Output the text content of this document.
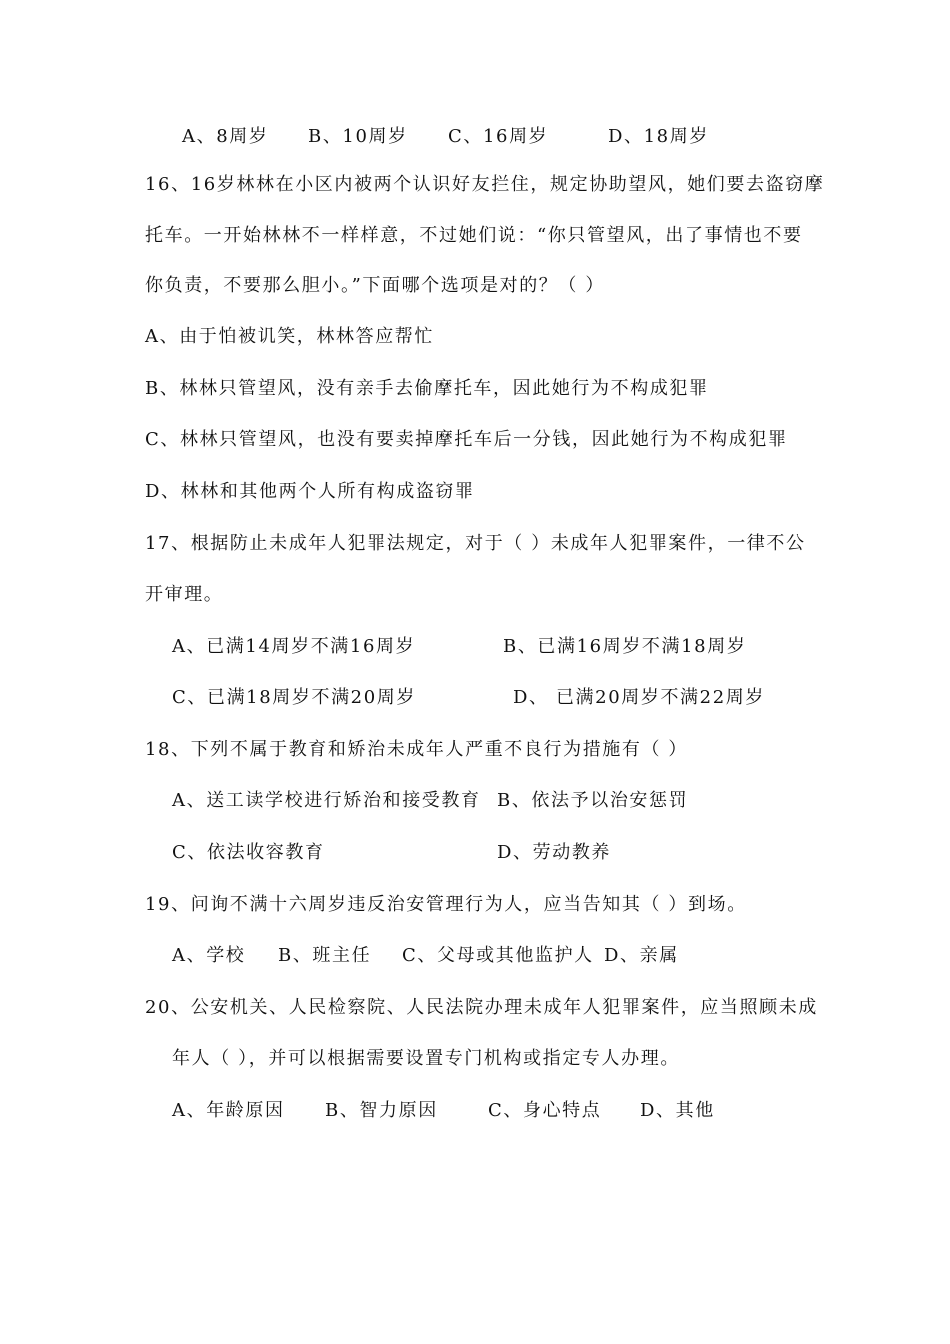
A、8周岁 B、10周岁 C、16周岁	D、18周岁
16、16岁林林在小区内被两个认识好友拦住，规定协助望风，她们要去盗窃摩
托车。一开始林林不一样样意，不过她们说：“你只管望风，出了事情也不要
你负责，不要那么胆小。”下面哪个选项是对的？（ ）
A、由于怕被讥笑，林林答应帮忙
B、林林只管望风，没有亲手去偷摩托车，因此她行为不构成犯罪
C、林林只管望风，也没有要卖掉摩托车后一分钱，因此她行为不构成犯罪
D、林林和其他两个人所有构成盗窃罪
17、根据防止未成年人犯罪法规定，对于（ ）未成年人犯罪案件，一律不公
开审理。
A、已满14周岁不满16周岁	B、已满16周岁不满18周岁
C、已满18周岁不满20周岁	D、 已满20周岁不满22周岁
18、下列不属于教育和矫治未成年人严重不良行为措施有（ ）
A、送工读学校进行矫治和接受教育 B、依法予以治安惩罚
C、依法收容教育	D、劳动教养
19、问询不满十六周岁违反治安管理行为人，应当告知其（ ）到场。
A、学校 B、班主任 C、父母或其他监护人 D、亲属
20、公安机关、人民检察院、人民法院办理未成年人犯罪案件，应当照顾未成
年人（ ），并可以根据需要设置专门机构或指定专人办理。
A、年龄原因 B、智力原因	C、身心特点 D、其他
